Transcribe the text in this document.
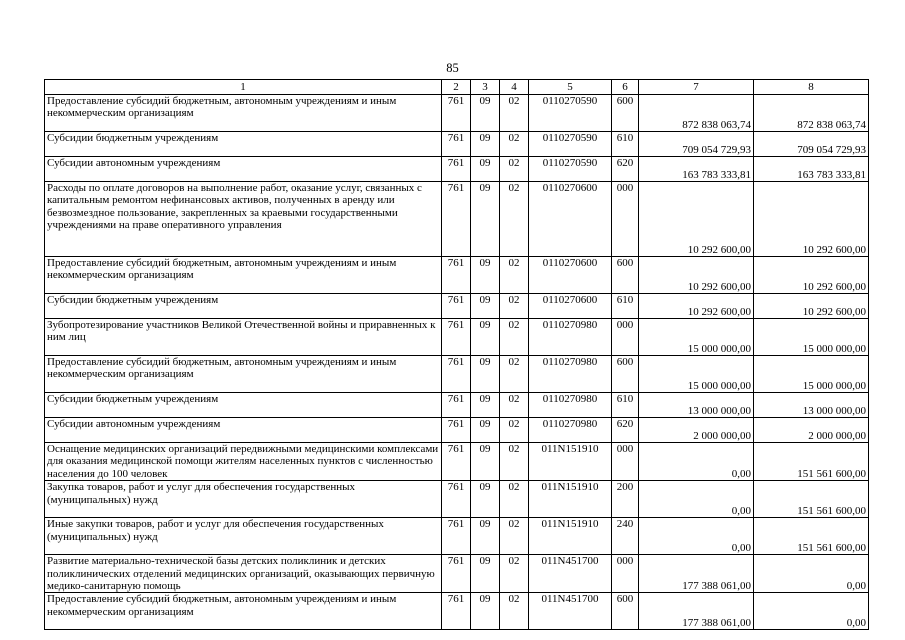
85
1	2	3	4	5	6	7	8
Предоставление субсидий бюджетным, автономным учреждениям и иным некоммерческим организациям	761	09	02	0110270590	600	872 838 063,74	872 838 063,74
Субсидии бюджетным учреждениям	761	09	02	0110270590	610	709 054 729,93	709 054 729,93
Субсидии автономным учреждениям	761	09	02	0110270590	620	163 783 333,81	163 783 333,81
Расходы по оплате договоров на выполнение работ, оказание услуг, связанных с капитальным ремонтом нефинансовых активов, полученных в аренду или безвозмездное пользование, закрепленных за краевыми государственными учреждениями на праве оперативного управления	761	09	02	0110270600	000	10 292 600,00	10 292 600,00
Предоставление субсидий бюджетным, автономным учреждениям и иным некоммерческим организациям	761	09	02	0110270600	600	10 292 600,00	10 292 600,00
Субсидии бюджетным учреждениям	761	09	02	0110270600	610	10 292 600,00	10 292 600,00
Зубопротезирование участников Великой Отечественной войны и приравненных к ним лиц	761	09	02	0110270980	000	15 000 000,00	15 000 000,00
Предоставление субсидий бюджетным, автономным учреждениям и иным некоммерческим организациям	761	09	02	0110270980	600	15 000 000,00	15 000 000,00
Субсидии бюджетным учреждениям	761	09	02	0110270980	610	13 000 000,00	13 000 000,00
Субсидии автономным учреждениям	761	09	02	0110270980	620	2 000 000,00	2 000 000,00
Оснащение медицинских организаций передвижными медицинскими комплексами для оказания медицинской помощи жителям населенных пунктов с численностью населения до 100 человек	761	09	02	011N151910	000	0,00	151 561 600,00
Закупка товаров, работ и услуг для обеспечения государственных (муниципальных) нужд	761	09	02	011N151910	200	0,00	151 561 600,00
Иные закупки товаров, работ и услуг для обеспечения государственных (муниципальных) нужд	761	09	02	011N151910	240	0,00	151 561 600,00
Развитие материально-технической базы детских поликлиник и детских поликлинических отделений медицинских организаций, оказывающих первичную медико-санитарную помощь	761	09	02	011N451700	000	177 388 061,00	0,00
Предоставление субсидий бюджетным, автономным учреждениям и иным некоммерческим организациям	761	09	02	011N451700	600	177 388 061,00	0,00
